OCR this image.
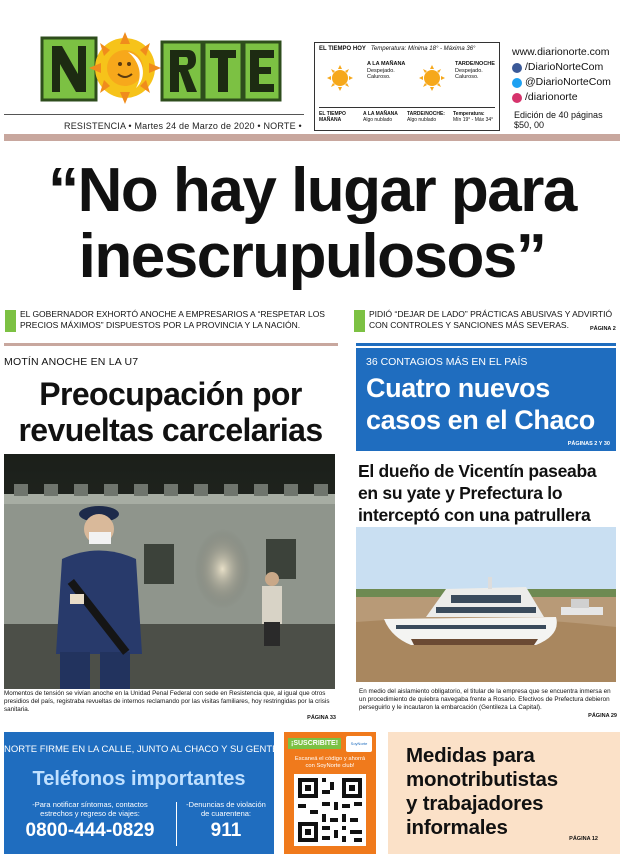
RESISTENCIA • Martes 24 de Marzo de 2020 • NORTE •
EL TIEMPO HOY Temperatura: Mínima 18° - Máxima 36°
A LA MAÑANA
Despejado.
Caluroso.
TARDE/NOCHE
Despejado.
Caluroso.
EL TIEMPO
MAÑANA
A LA MAÑANA
Algo nublado
TARDE/NOCHE:
Algo nublado
Temperatura:
Mín 19° - Máx 34°
www.diarionorte.com
/DiarioNorteCom
@DiarioNorteCom
/diarionorte
Edición de 40 páginas
$50, 00
“No hay lugar para
inescrupulosos”
EL GOBERNADOR EXHORTÓ ANOCHE A EMPRESARIOS A “RESPETAR LOS PRECIOS MÁXIMOS” DISPUESTOS POR LA PROVINCIA Y LA NACIÓN.
PIDIÓ “DEJAR DE LADO” PRÁCTICAS ABUSIVAS Y ADVIRTIÓ CON CONTROLES Y SANCIONES MÁS SEVERAS.	PÁGINA 2
MOTÍN ANOCHE EN LA U7
Preocupación por
revueltas carcelarias
Momentos de tensión se vivían anoche en la Unidad Penal Federal con sede en Resistencia que, al igual que otros presidios del país, registraba revueltas de internos reclamando por las visitas familiares, hoy restringidas por la crisis sanitaria.
PÁGINA 33
36 CONTAGIOS MÁS EN EL PAÍS
Cuatro nuevos
casos en el Chaco
PÁGINAS 2 Y 30
El dueño de Vicentín paseaba en su yate y Prefectura lo interceptó con una patrullera
En medio del aislamiento obligatorio, el titular de la empresa que se encuentra inmersa en un procedimiento de quiebra navegaba frente a Rosario. Efectivos de Prefectura debieron perseguirlo y le incautaron la embarcación (Gentileza La Capital).
PÁGINA 29
NORTE FIRME EN LA CALLE, JUNTO AL CHACO Y SU GENTE
Teléfonos importantes
-Para notificar síntomas, contactos
estrechos y regreso de viajes:
0800-444-0829
-Denuncias de violación
de cuarentena:
911
¡SUSCRIBITE!	SoyNorte
Escaneá el código y ahorrá
con SoyNorte club!	Medidas para
monotributistas
y trabajadores
informales	PÁGINA 12
